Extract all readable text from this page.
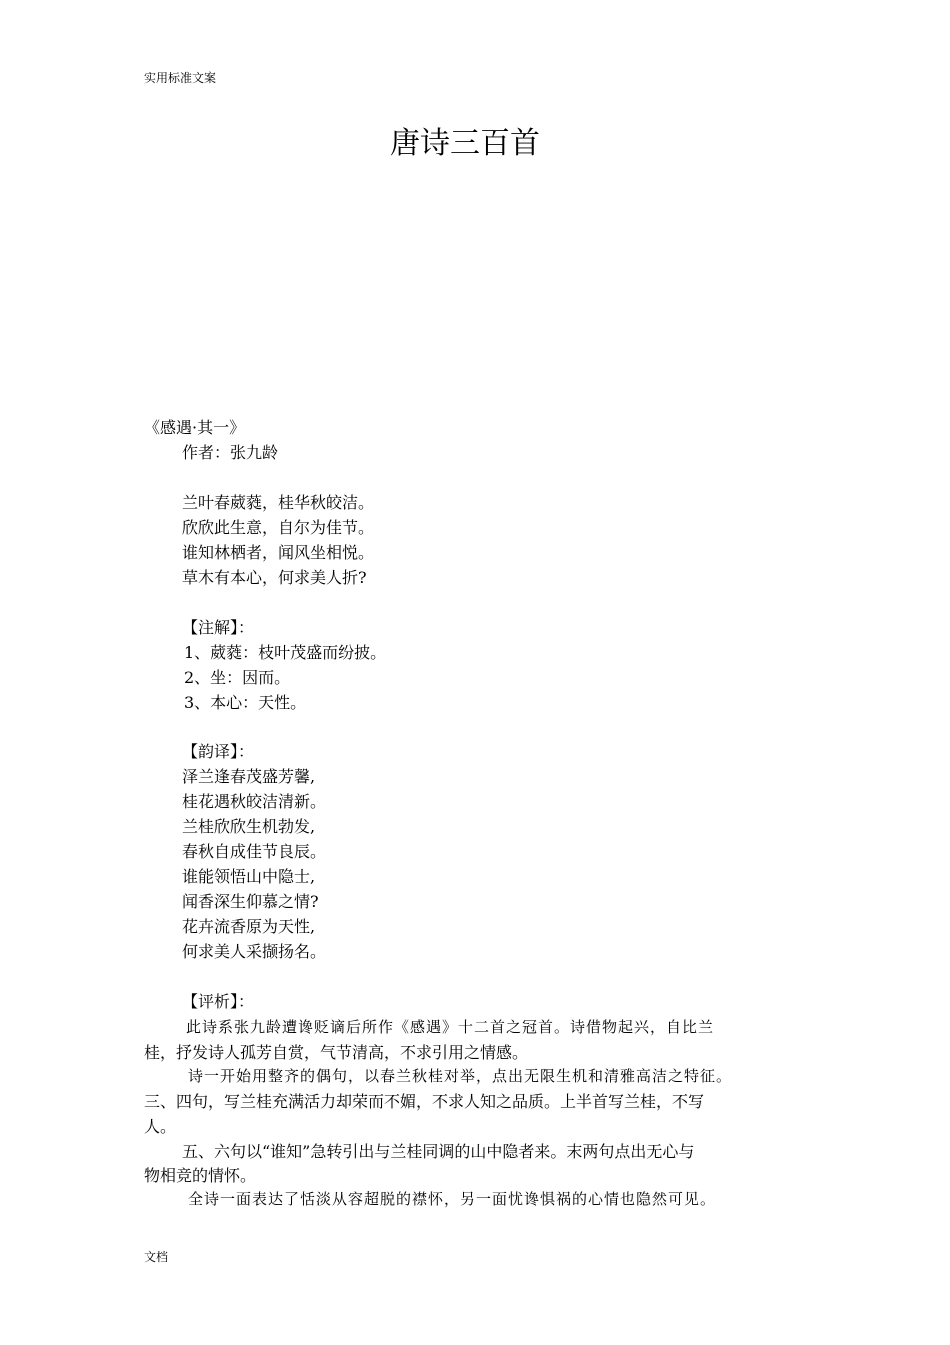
实用标准文案
唐诗三百首
《感遇·其一》
作者：张九龄
兰叶春葳蕤，桂华秋皎洁。
欣欣此生意，自尔为佳节。
谁知林栖者，闻风坐相悦。
草木有本心，何求美人折?
【注解】：
1、葳蕤：枝叶茂盛而纷披。
2、坐：因而。
3、本心：天性。
【韵译】：
泽兰逢春茂盛芳馨,
桂花遇秋皎洁清新。
兰桂欣欣生机勃发,
春秋自成佳节良辰。
谁能领悟山中隐士,
闻香深生仰慕之情?
花卉流香原为天性,
何求美人采撷扬名。
【评析】：
此诗系张九龄遭谗贬谪后所作《感遇》十二首之冠首。诗借物起兴，自比兰
桂，抒发诗人孤芳自赏，气节清高，不求引用之情感。
诗一开始用整齐的偶句，以春兰秋桂对举，点出无限生机和清雅高洁之特征。
三、四句，写兰桂充满活力却荣而不媚，不求人知之品质。上半首写兰桂，不写
人。
五、六句以“谁知”急转引出与兰桂同调的山中隐者来。末两句点出无心与
物相竞的情怀。
全诗一面表达了恬淡从容超脱的襟怀，另一面忧谗惧祸的心情也隐然可见。
文档
